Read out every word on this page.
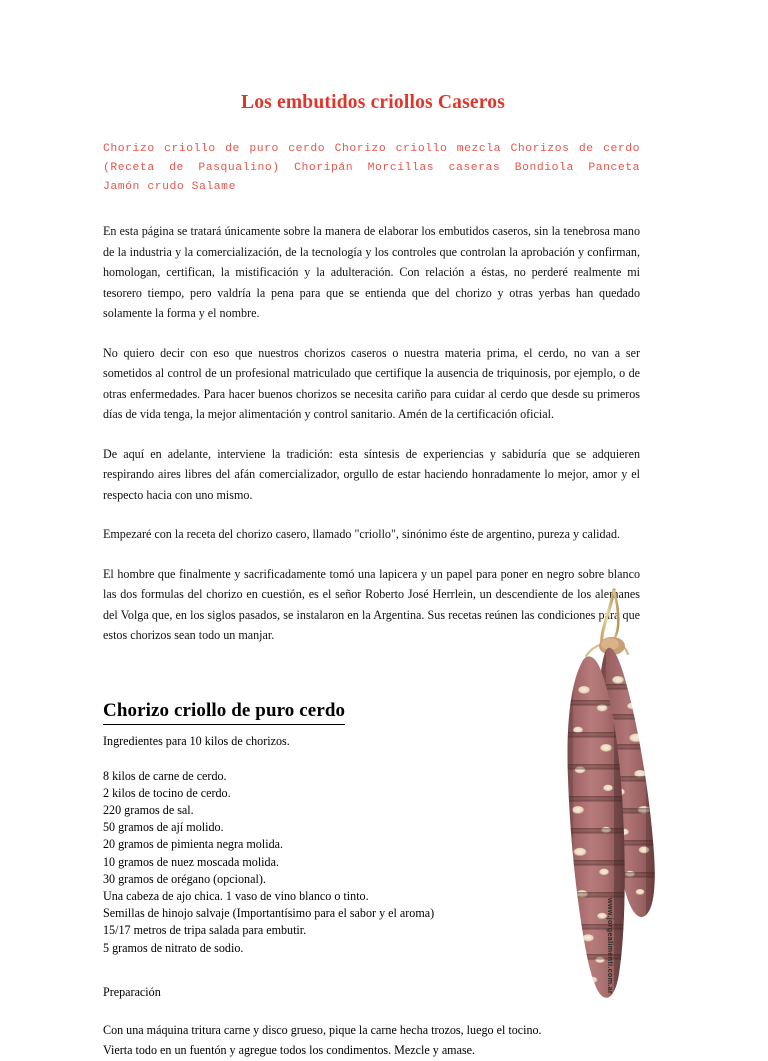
Los embutidos criollos Caseros

Chorizo criollo de puro cerdo Chorizo criollo mezcla Chorizos de cerdo (Receta de Pasqualino) Choripán Morcillas caseras Bondiola Panceta Jamón crudo Salame

En esta página se tratará únicamente sobre la manera de elaborar los embutidos caseros, sin la tenebrosa mano de la industria y la comercialización, de la tecnología y los controles que controlan la aprobación y confirman, homologan, certifican, la mistificación y la adulteración. Con relación a éstas, no perderé realmente mi tesorero tiempo, pero valdría la pena para que se entienda que del chorizo y otras yerbas han quedado solamente la forma y el nombre.

No quiero decir con eso que nuestros chorizos caseros o nuestra materia prima, el cerdo, no van a ser sometidos al control de un profesional matriculado que certifique la ausencia de triquinosis, por ejemplo, o de otras enfermedades. Para hacer buenos chorizos se necesita cariño para cuidar al cerdo que desde su primeros días de vida tenga, la mejor alimentación y control sanitario. Amén de la certificación oficial.

De aquí en adelante, interviene la tradición: esta síntesis de experiencias y sabiduría que se adquieren respirando aires libres del afán comercializador, orgullo de estar haciendo honradamente lo mejor, amor y el respecto hacia con uno mismo.

Empezaré con la receta del chorizo casero, llamado "criollo", sinónimo éste de argentino, pureza y calidad.

El hombre que finalmente y sacrificadamente tomó una lapicera y un papel para poner en negro sobre blanco las dos formulas del chorizo en cuestión, es el señor Roberto José Herrlein, un descendiente de los alemanes del Volga que, en los siglos pasados, se instalaron en la Argentina. Sus recetas reúnen las condiciones para que estos chorizos sean todo un manjar.

Chorizo criollo de puro cerdo

Ingredientes para 10 kilos de chorizos.

8 kilos de carne de cerdo.
2 kilos de tocino de cerdo.
220 gramos de sal.
50 gramos de ají molido.
20 gramos de pimienta negra molida.
10 gramos de nuez moscada molida.
30 gramos de orégano (opcional).
Una cabeza de ajo chica. 1 vaso de vino blanco o tinto.
Semillas de hinojo salvaje (Importantísimo para el sabor y el aroma)
15/17 metros de tripa salada para embutir.
5 gramos de nitrato de sodio.

Preparación

Con una máquina tritura carne y disco grueso, pique la carne hecha trozos, luego el tocino. Vierta todo en un fuentón y agregue todos los condimentos. Mezcle y amase.

www.jorgealimenti.com.ar
